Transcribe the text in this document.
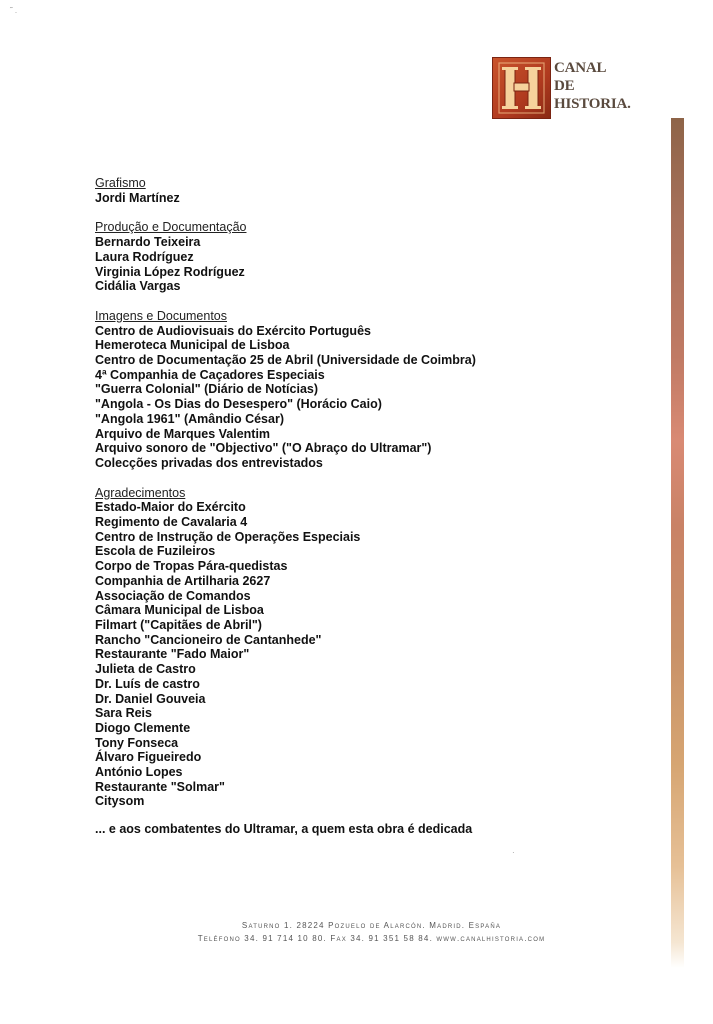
˜ .
CANAL
DE
HISTORIA.
Grafismo
Jordi Martínez
Produção e Documentação
Bernardo Teixeira
Laura Rodríguez
Virginia López Rodríguez
Cidália Vargas
Imagens e Documentos
Centro de Audiovisuais do Exército Português
Hemeroteca Municipal de Lisboa
Centro de Documentação 25 de Abril (Universidade de Coimbra)
4ª Companhia de Caçadores Especiais
"Guerra Colonial" (Diário de Notícias)
"Angola - Os Dias do Desespero" (Horácio Caio)
"Angola 1961" (Amândio César)
Arquivo de Marques Valentim
Arquivo sonoro de "Objectivo" ("O Abraço do Ultramar")
Colecções privadas dos entrevistados
Agradecimentos
Estado-Maior do Exército
Regimento de Cavalaria 4
Centro de Instrução de Operações Especiais
Escola de Fuzileiros
Corpo de Tropas Pára-quedistas
Companhia de Artilharia 2627
Associação de Comandos
Câmara Municipal de Lisboa
Filmart ("Capitães de Abril")
Rancho "Cancioneiro de Cantanhede"
Restaurante "Fado Maior"
Julieta de Castro
Dr. Luís de castro
Dr. Daniel Gouveia
Sara Reis
Diogo Clemente
Tony Fonseca
Álvaro Figueiredo
António Lopes
Restaurante "Solmar"
Citysom
... e aos combatentes do Ultramar, a quem esta obra é dedicada
·
Saturno 1. 28224 Pozuelo de Alarcón. Madrid. España
Teléfono 34. 91 714 10 80. Fax 34. 91 351 58 84. www.canalhistoria.com
